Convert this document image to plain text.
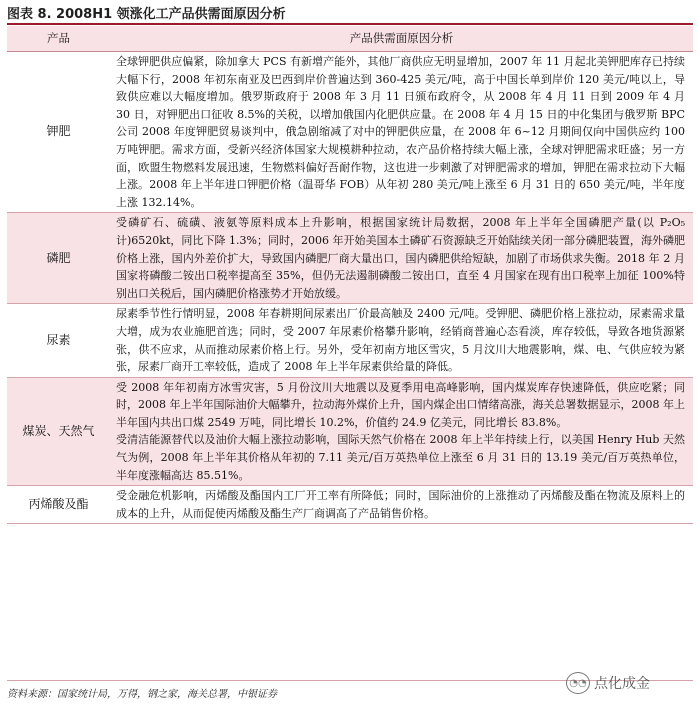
图表 8. 2008H1 领涨化工产品供需面原因分析
产品	产品供需面原因分析
钾肥	全球钾肥供应偏紧，除加拿大 PCS 有新增产能外，其他厂商供应无明显增加，2007 年 11 月起北美钾肥库存已持续大幅下行，2008 年初东南亚及巴西到岸价普遍达到 360-425 美元/吨，高于中国长单到岸价 120 美元/吨以上，导致供应难以大幅度增加。俄罗斯政府于 2008 年 3 月 11 日颁布政府令，从 2008 年 4 月 11 日到 2009 年 4 月 30 日，对钾肥出口征收 8.5%的关税，以增加俄国内化肥供应量。在 2008 年 4 月 15 日的中化集团与俄罗斯 BPC 公司 2008 年度钾肥贸易谈判中，俄急剧缩减了对中的钾肥供应量，在 2008 年 6~12 月期间仅向中国供应约 100 万吨钾肥。需求方面，受新兴经济体国家大规模耕种拉动，农产品价格持续大幅上涨，全球对钾肥需求旺盛；另一方面，欧盟生物燃料发展迅速，生物燃料偏好吾耐作物，这也进一步刺激了对钾肥需求的增加，钾肥在需求拉动下大幅上涨。2008 年上半年进口钾肥价格（温哥华 FOB）从年初 280 美元/吨上涨至 6 月 31 日的 650 美元/吨，半年度上涨 132.14%。

磷肥	受磷矿石、硫磺、液氨等原料成本上升影响，根据国家统计局数据，2008 年上半年全国磷肥产量(以 P₂O₅ 计)6520kt，同比下降 1.3%；同时，2006 年开始美国本土磷矿石资源缺乏开始陆续关闭一部分磷肥装置，海外磷肥价格上涨，国内外差价扩大，导致国内磷肥厂商大量出口，国内磷肥供给短缺，加剧了市场供求失衡。2018 年 2 月国家将磷酸二铵出口税率提高至 35%，但仍无法遏制磷酸二铵出口，直至 4 月国家在现有出口税率上加征 100%特别出口关税后，国内磷肥价格涨势才开始放缓。

尿素	尿素季节性行情明显，2008 年春耕期间尿素出厂价最高触及 2400 元/吨。受钾肥、磷肥价格上涨拉动，尿素需求量大增，成为农业施肥首选；同时，受 2007 年尿素价格攀升影响，经销商普遍心态看淡，库存较低，导致各地货源紧张，供不应求，从而推动尿素价格上行。另外，受年初南方地区雪灾，5 月汶川大地震影响，煤、电、气供应较为紧张，尿素厂商开工率较低，造成了 2008 年上半年尿素供给量的降低。

煤炭、天然气	受 2008 年年初南方冰雪灾害，5 月份汶川大地震以及夏季用电高峰影响，国内煤炭库存快速降低，供应吃紧；同时，2008 年上半年国际油价大幅攀升，拉动海外煤价上升，国内煤企出口情绪高涨，海关总署数据显示，2008 年上半年国内共出口煤 2549 万吨，同比增长 10.2%，价值约 24.9 亿美元，同比增长 83.8%。

受清洁能源替代以及油价大幅上涨拉动影响，国际天然气价格在 2008 年上半年持续上行，以美国 Henry Hub 天然气为例，2008 年上半年其价格从年初的 7.11 美元/百万英热单位上涨至 6 月 31 日的 13.19 美元/百万英热单位，半年度涨幅高达 85.51%。

丙烯酸及酯	受金融危机影响，丙烯酸及酯国内工厂开工率有所降低；同时，国际油价的上涨推动了丙烯酸及酯在物流及原料上的成本的上升，从而促使丙烯酸及酯生产厂商调高了产品销售价格。

资料来源：国家统计局，万得，钢之家，海关总署，中银证券
◔◔ 点化成金
